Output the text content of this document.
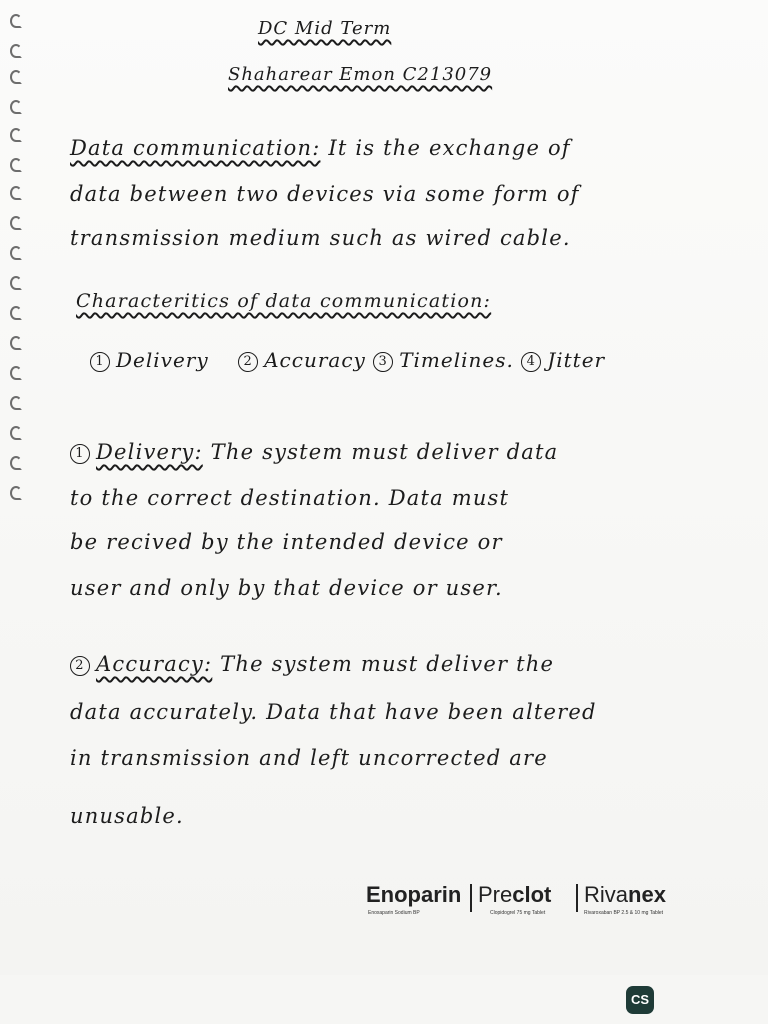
DC Mid Term
Shaharear Emon C213079
Data communication: It is the exchange of
data between two devices via some form of
transmission medium such as wired cable.
Characteritics of data communication:
1 Delivery	2 Accuracy 3 Timelines. 4 Jitter
1 Delivery: The system must deliver data
to the correct destination. Data must
be recived by the intended device or
user and only by that device or user.
2 Accuracy: The system must deliver the
data accurately. Data that have been altered
in transmission and left uncorrected are
unusable.
Enoparin
Enoxaparin Sodium BP
Preclot
Clopidogrel 75 mg Tablet
Rivanex
Rivaroxaban BP 2.5 & 10 mg Tablet
CS
